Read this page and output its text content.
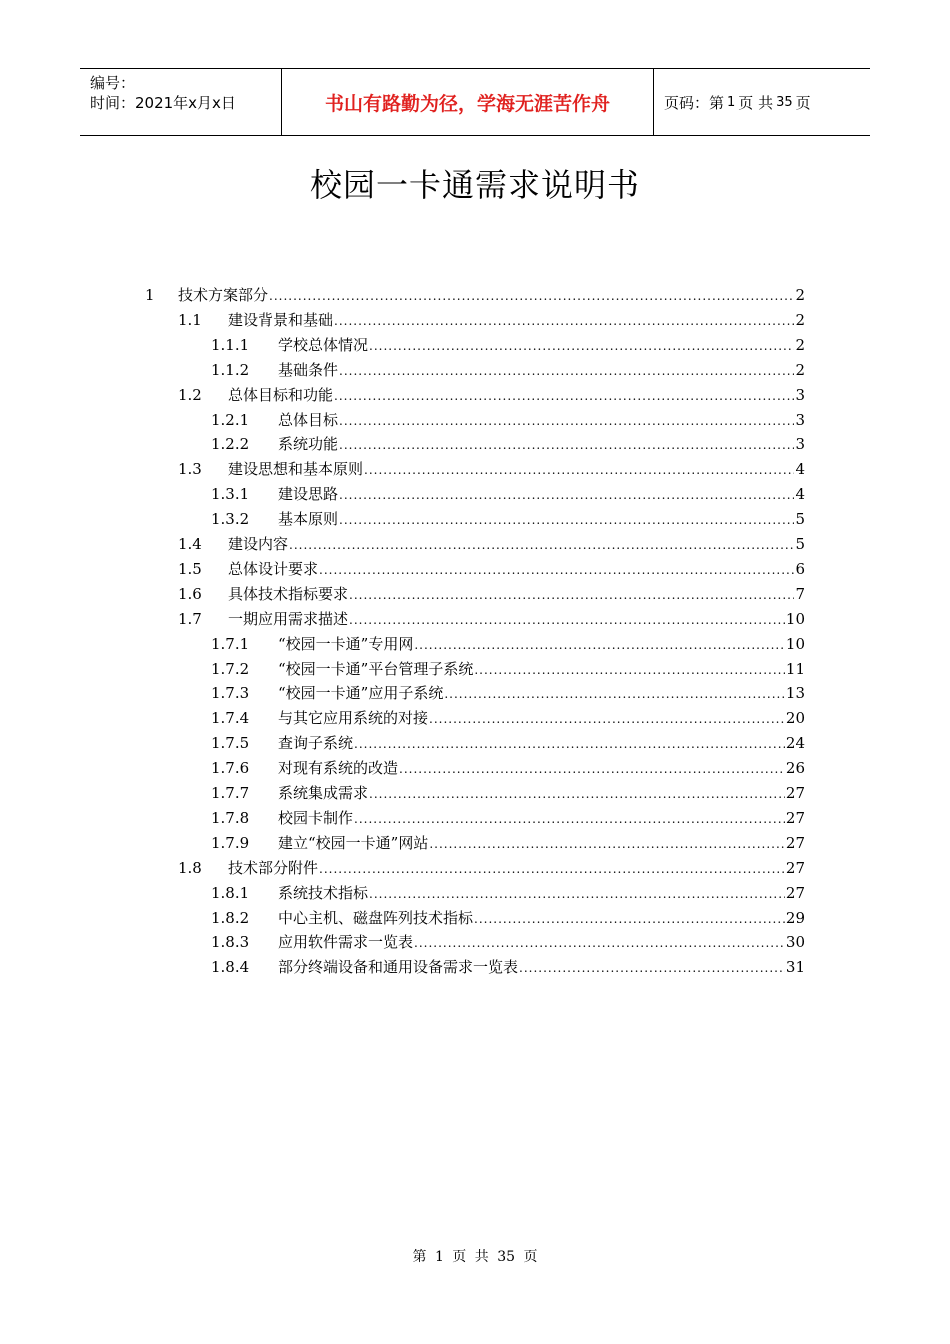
编号：
时间：2021年x月x日	书山有路勤为径，学海无涯苦作舟	页码：第 1 页 共 35 页
校园一卡通需求说明书
1 技术方案部分 .....	2
1.1 建设背景和基础 .....	2
1.1.1 学校总体情况 .....	2
1.1.2 基础条件 .....	2
1.2 总体目标和功能 .....	3
1.2.1 总体目标 .....	3
1.2.2 系统功能 .....	3
1.3 建设思想和基本原则 .....	4
1.3.1 建设思路 .....	4
1.3.2 基本原则 .....	5
1.4 建设内容 .....	5
1.5 总体设计要求 .....	6
1.6 具体技术指标要求 .....	7
1.7 一期应用需求描述 .....	10
1.7.1 “校园一卡通”专用网 .....	10
1.7.2 “校园一卡通”平台管理子系统 .....	11
1.7.3 “校园一卡通”应用子系统 .....	13
1.7.4 与其它应用系统的对接 .....	20
1.7.5 查询子系统 .....	24
1.7.6 对现有系统的改造 .....	26
1.7.7 系统集成需求 .....	27
1.7.8 校园卡制作 .....	27
1.7.9 建立“校园一卡通”网站 .....	27
1.8 技术部分附件 .....	27
1.8.1 系统技术指标 .....	27
1.8.2 中心主机、磁盘阵列技术指标 .....	29
1.8.3 应用软件需求一览表 .....	30
1.8.4 部分终端设备和通用设备需求一览表 .....	31
第 1 页 共 35 页
